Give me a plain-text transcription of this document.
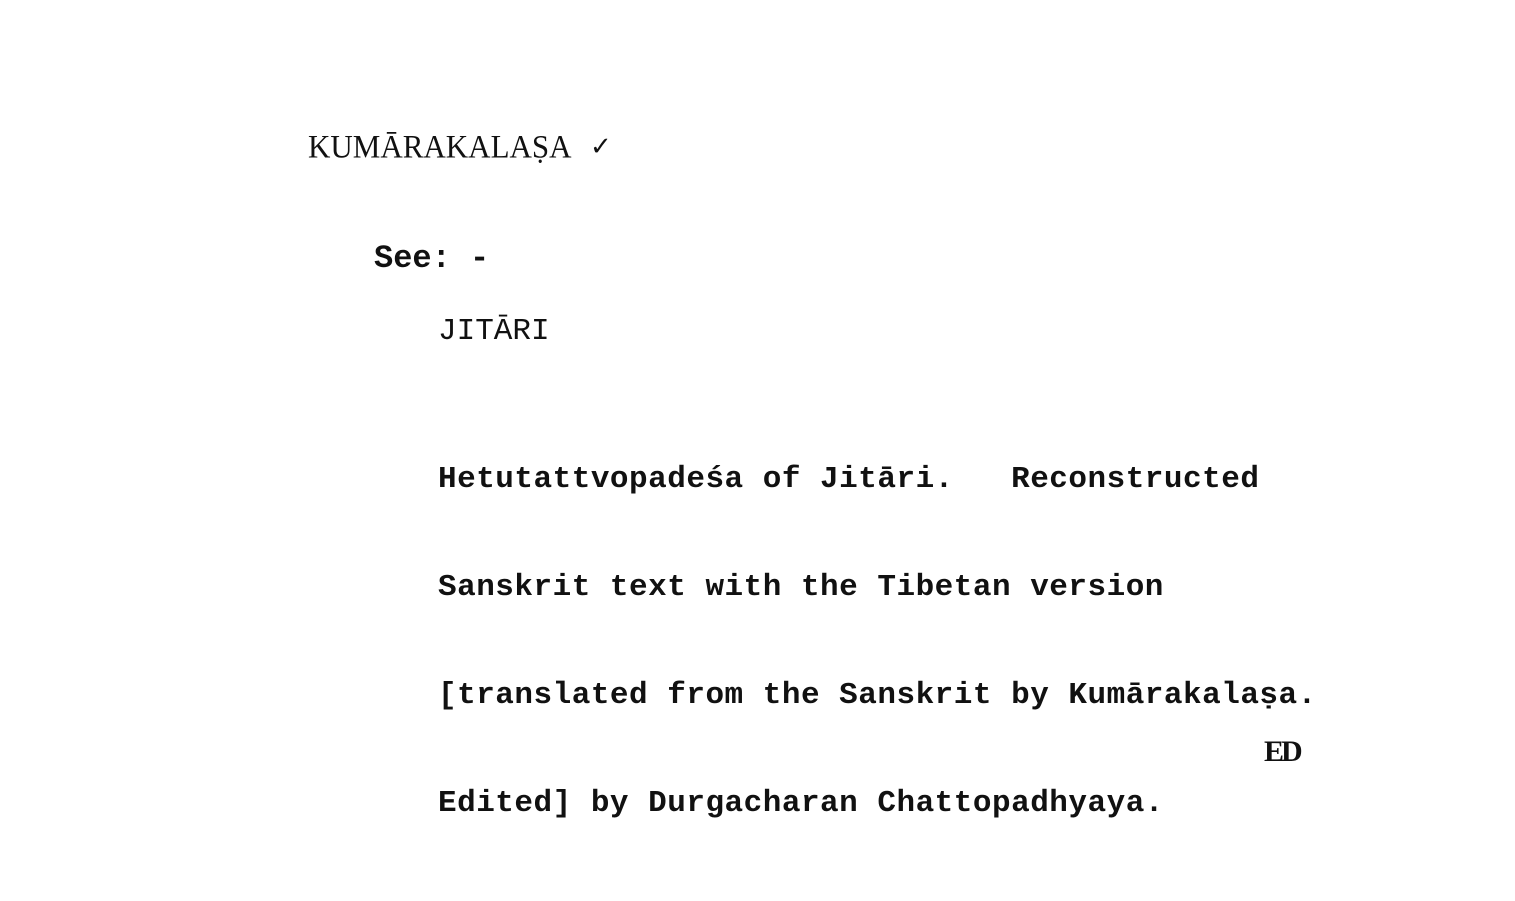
KUMĀRAKALAṢA ✓
See: -
JITĀRI

Hetutattvopadeśa of Jitāri.   Reconstructed

Sanskrit text with the Tibetan version

[translated from the Sanskrit by Kumārakalaṣa.

Edited] by Durgacharan Chattopadhyaya.

ED
